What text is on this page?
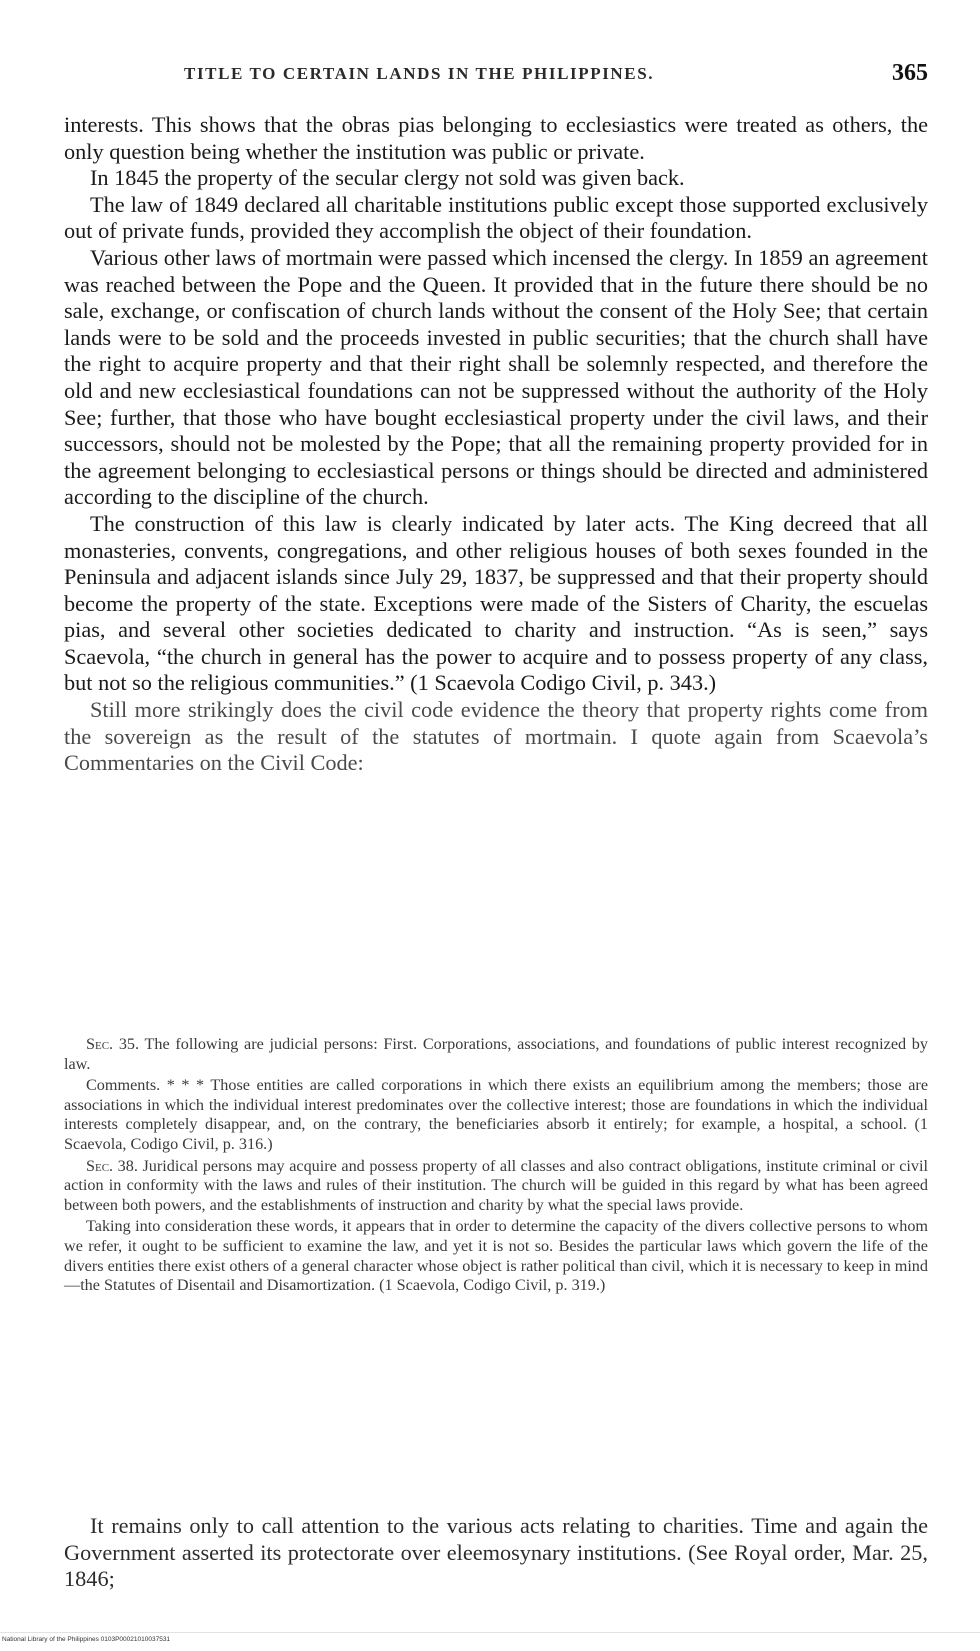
TITLE TO CERTAIN LANDS IN THE PHILIPPINES.	365

interests. This shows that the obras pias belonging to ecclesiastics were treated as others, the only question being whether the institution was public or private.

In 1845 the property of the secular clergy not sold was given back.

The law of 1849 declared all charitable institutions public except those supported exclusively out of private funds, provided they accomplish the object of their foundation.

Various other laws of mortmain were passed which incensed the clergy. In 1859 an agreement was reached between the Pope and the Queen. It provided that in the future there should be no sale, exchange, or confiscation of church lands without the consent of the Holy See; that certain lands were to be sold and the proceeds invested in public securities; that the church shall have the right to acquire property and that their right shall be solemnly respected, and therefore the old and new ecclesiastical foundations can not be suppressed without the authority of the Holy See; further, that those who have bought ecclesiastical property under the civil laws, and their successors, should not be molested by the Pope; that all the remaining property provided for in the agreement belonging to ecclesiastical persons or things should be directed and administered according to the discipline of the church.

The construction of this law is clearly indicated by later acts. The King decreed that all monasteries, convents, congregations, and other religious houses of both sexes founded in the Peninsula and adjacent islands since July 29, 1837, be suppressed and that their property should become the property of the state. Exceptions were made of the Sisters of Charity, the escuelas pias, and several other societies dedicated to charity and instruction. “As is seen,” says Scaevola, “the church in general has the power to acquire and to possess property of any class, but not so the religious communities.” (1 Scaevola Codigo Civil, p. 343.)

Still more strikingly does the civil code evidence the theory that property rights come from the sovereign as the result of the statutes of mortmain. I quote again from Scaevola’s Commentaries on the Civil Code:

Sec. 35. The following are judicial persons: First. Corporations, associations, and foundations of public interest recognized by law.

Comments. * * * Those entities are called corporations in which there exists an equilibrium among the members; those are associations in which the individual interest predominates over the collective interest; those are foundations in which the individual interests completely disappear, and, on the contrary, the beneficiaries absorb it entirely; for example, a hospital, a school. (1 Scaevola, Codigo Civil, p. 316.)

Sec. 38. Juridical persons may acquire and possess property of all classes and also contract obligations, institute criminal or civil action in conformity with the laws and rules of their institution. The church will be guided in this regard by what has been agreed between both powers, and the establishments of instruction and charity by what the special laws provide.

Taking into consideration these words, it appears that in order to determine the capacity of the divers collective persons to whom we refer, it ought to be sufficient to examine the law, and yet it is not so. Besides the particular laws which govern the life of the divers entities there exist others of a general character whose object is rather political than civil, which it is necessary to keep in mind—the Statutes of Disentail and Disamortization. (1 Scaevola, Codigo Civil, p. 319.)

It remains only to call attention to the various acts relating to charities. Time and again the Government asserted its protectorate over eleemosynary institutions. (See Royal order, Mar. 25, 1846;

National Library of the Philippines 0103P00021010037531
